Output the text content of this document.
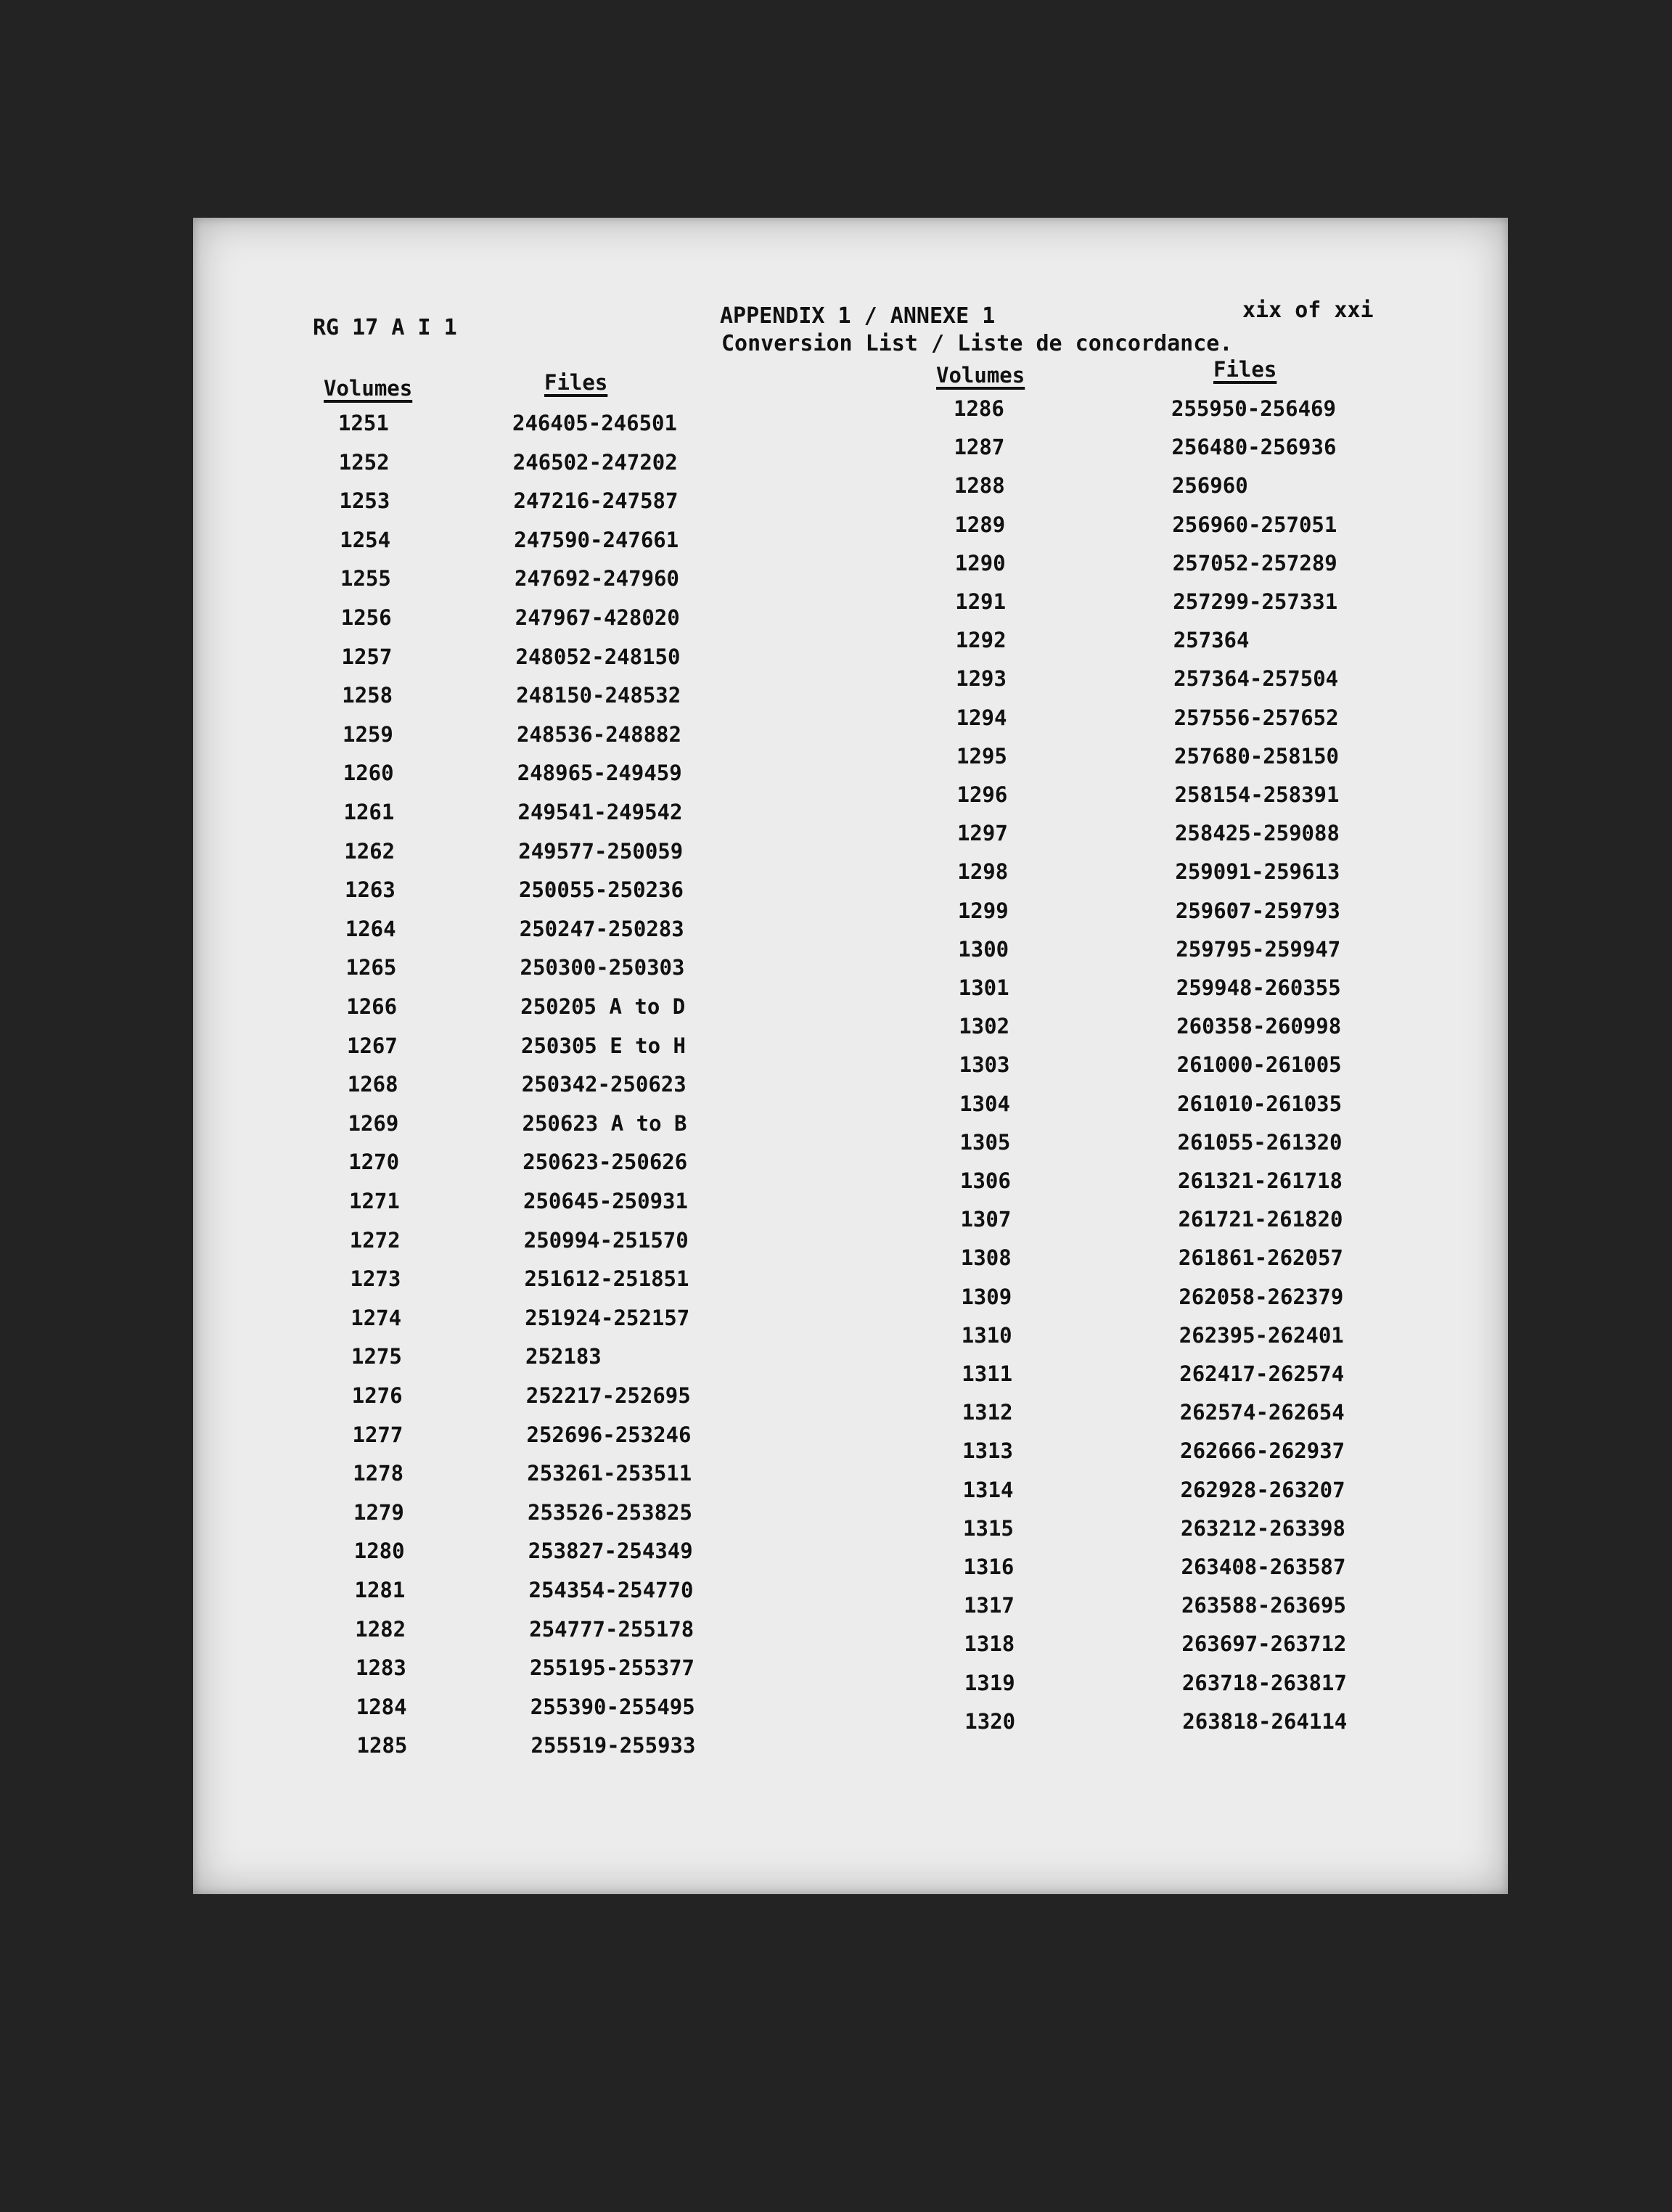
RG 17 A I 1	APPENDIX 1 / ANNEXE 1
Conversion List / Liste de concordance.
xix of xxi
Volumes	Files	Volumes	Files
1251	246405-246501
1252	246502-247202
1253	247216-247587
1254	247590-247661
1255	247692-247960
1256	247967-428020
1257	248052-248150
1258	248150-248532
1259	248536-248882
1260	248965-249459
1261	249541-249542
1262	249577-250059
1263	250055-250236
1264	250247-250283
1265	250300-250303
1266	250205 A to D
1267	250305 E to H
1268	250342-250623
1269	250623 A to B
1270	250623-250626
1271	250645-250931
1272	250994-251570
1273	251612-251851
1274	251924-252157
1275	252183
1276	252217-252695
1277	252696-253246
1278	253261-253511
1279	253526-253825
1280	253827-254349
1281	254354-254770
1282	254777-255178
1283	255195-255377
1284	255390-255495
1285	255519-255933
1286	255950-256469
1287	256480-256936
1288	256960
1289	256960-257051
1290	257052-257289
1291	257299-257331
1292	257364
1293	257364-257504
1294	257556-257652
1295	257680-258150
1296	258154-258391
1297	258425-259088
1298	259091-259613
1299	259607-259793
1300	259795-259947
1301	259948-260355
1302	260358-260998
1303	261000-261005
1304	261010-261035
1305	261055-261320
1306	261321-261718
1307	261721-261820
1308	261861-262057
1309	262058-262379
1310	262395-262401
1311	262417-262574
1312	262574-262654
1313	262666-262937
1314	262928-263207
1315	263212-263398
1316	263408-263587
1317	263588-263695
1318	263697-263712
1319	263718-263817
1320	263818-264114
